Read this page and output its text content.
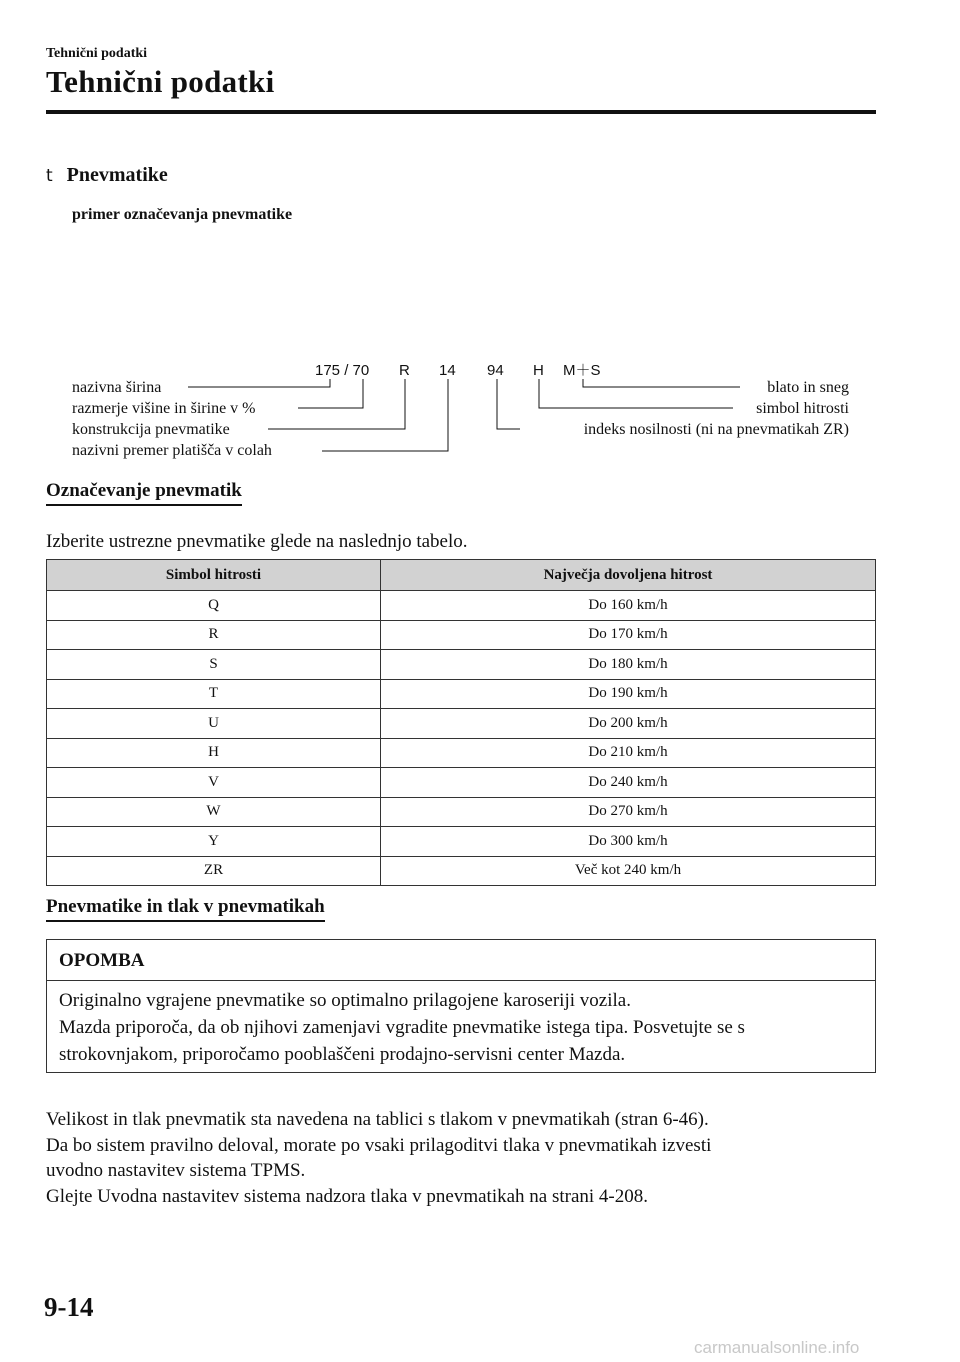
Tehnični podatki
Tehnični podatki
t Pnevmatike
primer označevanja pnevmatike
175 / 70 R 14 94 H M＋S
nazivna širina
razmerje višine in širine v %
konstrukcija pnevmatike
nazivni premer platišča v colah
blato in sneg
simbol hitrosti
indeks nosilnosti (ni na pnevmatikah ZR)
Označevanje pnevmatik
Izberite ustrezne pnevmatike glede na naslednjo tabelo.
Simbol hitrosti	Največja dovoljena hitrost
Q	Do 160 km/h
R	Do 170 km/h
S	Do 180 km/h
T	Do 190 km/h
U	Do 200 km/h
H	Do 210 km/h
V	Do 240 km/h
W	Do 270 km/h
Y	Do 300 km/h
ZR	Več kot 240 km/h
Pnevmatike in tlak v pnevmatikah
OPOMBA
Originalno vgrajene pnevmatike so optimalno prilagojene karoseriji vozila.
Mazda priporoča, da ob njihovi zamenjavi vgradite pnevmatike istega tipa. Posvetujte se s
strokovnjakom, priporočamo pooblaščeni prodajno-servisni center Mazda.
Velikost in tlak pnevmatik sta navedena na tablici s tlakom v pnevmatikah (stran 6-46).
Da bo sistem pravilno deloval, morate po vsaki prilagoditvi tlaka v pnevmatikah izvesti
uvodno nastavitev sistema TPMS.
Glejte Uvodna nastavitev sistema nadzora tlaka v pnevmatikah na strani 4-208.
9-14
carmanualsonline.info
